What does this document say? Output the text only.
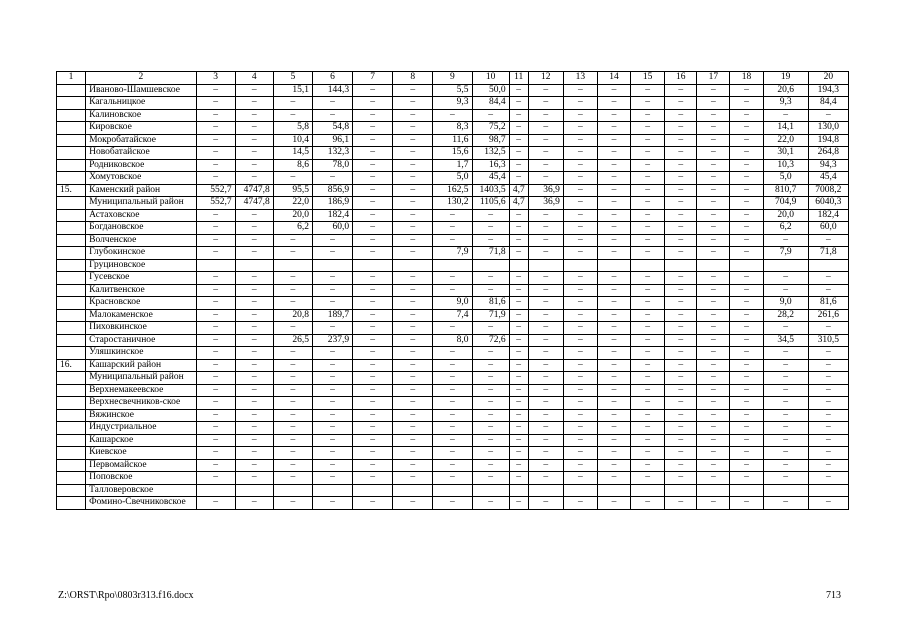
1	2	3	4	5	6	7	8	9	10	11	12	13	14	15	16	17	18	19	20
	Иваново-Шамшевское	–	–	15,1	144,3	–	–	5,5	50,0	–	–	–	–	–	–	–	–	20,6	194,3
	Кагальницкое	–	–	–	–	–	–	9,3	84,4	–	–	–	–	–	–	–	–	9,3	84,4
	Калиновское	–	–	–	–	–	–	–	–	–	–	–	–	–	–	–	–	–	–
	Кировское	–	–	5,8	54,8	–	–	8,3	75,2	–	–	–	–	–	–	–	–	14,1	130,0
	Мокробатайское	–	–	10,4	96,1	–	–	11,6	98,7	–	–	–	–	–	–	–	–	22,0	194,8
	Новобатайское	–	–	14,5	132,3	–	–	15,6	132,5	–	–	–	–	–	–	–	–	30,1	264,8
	Родниковское	–	–	8,6	78,0	–	–	1,7	16,3	–	–	–	–	–	–	–	–	10,3	94,3
	Хомутовское	–	–	–	–	–	–	5,0	45,4	–	–	–	–	–	–	–	–	5,0	45,4
15.	Каменский район	552,7	4747,8	95,5	856,9	–	–	162,5	1403,5	4,7	36,9	–	–	–	–	–	–	810,7	7008,2
	Муниципальный район	552,7	4747,8	22,0	186,9	–	–	130,2	1105,6	4,7	36,9	–	–	–	–	–	–	704,9	6040,3
	Астаховское	–	–	20,0	182,4	–	–	–	–	–	–	–	–	–	–	–	–	20,0	182,4
	Богдановское	–	–	6,2	60,0	–	–	–	–	–	–	–	–	–	–	–	–	6,2	60,0
	Волченское	–	–	–	–	–	–	–	–	–	–	–	–	–	–	–	–	–	–
	Глубокинское	–	–	–	–	–	–	7,9	71,8	–	–	–	–	–	–	–	–	7,9	71,8
	Груциновское																		
	Гусевское	–	–	–	–	–	–	–	–	–	–	–	–	–	–	–	–	–	–
	Калитвенское	–	–	–	–	–	–	–	–	–	–	–	–	–	–	–	–	–	–
	Красновское	–	–	–	–	–	–	9,0	81,6	–	–	–	–	–	–	–	–	9,0	81,6
	Малокаменское	–	–	20,8	189,7	–	–	7,4	71,9	–	–	–	–	–	–	–	–	28,2	261,6
	Пиховкинское	–	–	–	–	–	–	–	–	–	–	–	–	–	–	–	–	–	–
	Старостаничное	–	–	26,5	237,9	–	–	8,0	72,6	–	–	–	–	–	–	–	–	34,5	310,5
	Уляшкинское	–	–	–	–	–	–	–	–	–	–	–	–	–	–	–	–	–	–
16.	Кашарский район	–	–	–	–	–	–	–	–	–	–	–	–	–	–	–	–	–	–
	Муниципальный район	–	–	–	–	–	–	–	–	–	–	–	–	–	–	–	–	–	–
	Верхнемакеевское	–	–	–	–	–	–	–	–	–	–	–	–	–	–	–	–	–	–
	Верхнесвечников-ское	–	–	–	–	–	–	–	–	–	–	–	–	–	–	–	–	–	–
	Вяжинское	–	–	–	–	–	–	–	–	–	–	–	–	–	–	–	–	–	–
	Индустриальное	–	–	–	–	–	–	–	–	–	–	–	–	–	–	–	–	–	–
	Кашарское	–	–	–	–	–	–	–	–	–	–	–	–	–	–	–	–	–	–
	Киевское	–	–	–	–	–	–	–	–	–	–	–	–	–	–	–	–	–	–
	Первомайское	–	–	–	–	–	–	–	–	–	–	–	–	–	–	–	–	–	–
	Поповское	–	–	–	–	–	–	–	–	–	–	–	–	–	–	–	–	–	–
	Талловеровское																		
	Фомино-Свечниковское	–	–	–	–	–	–	–	–	–	–	–	–	–	–	–	–	–	–
Z:\ORST\Rpo\0803r313.f16.docx	713
